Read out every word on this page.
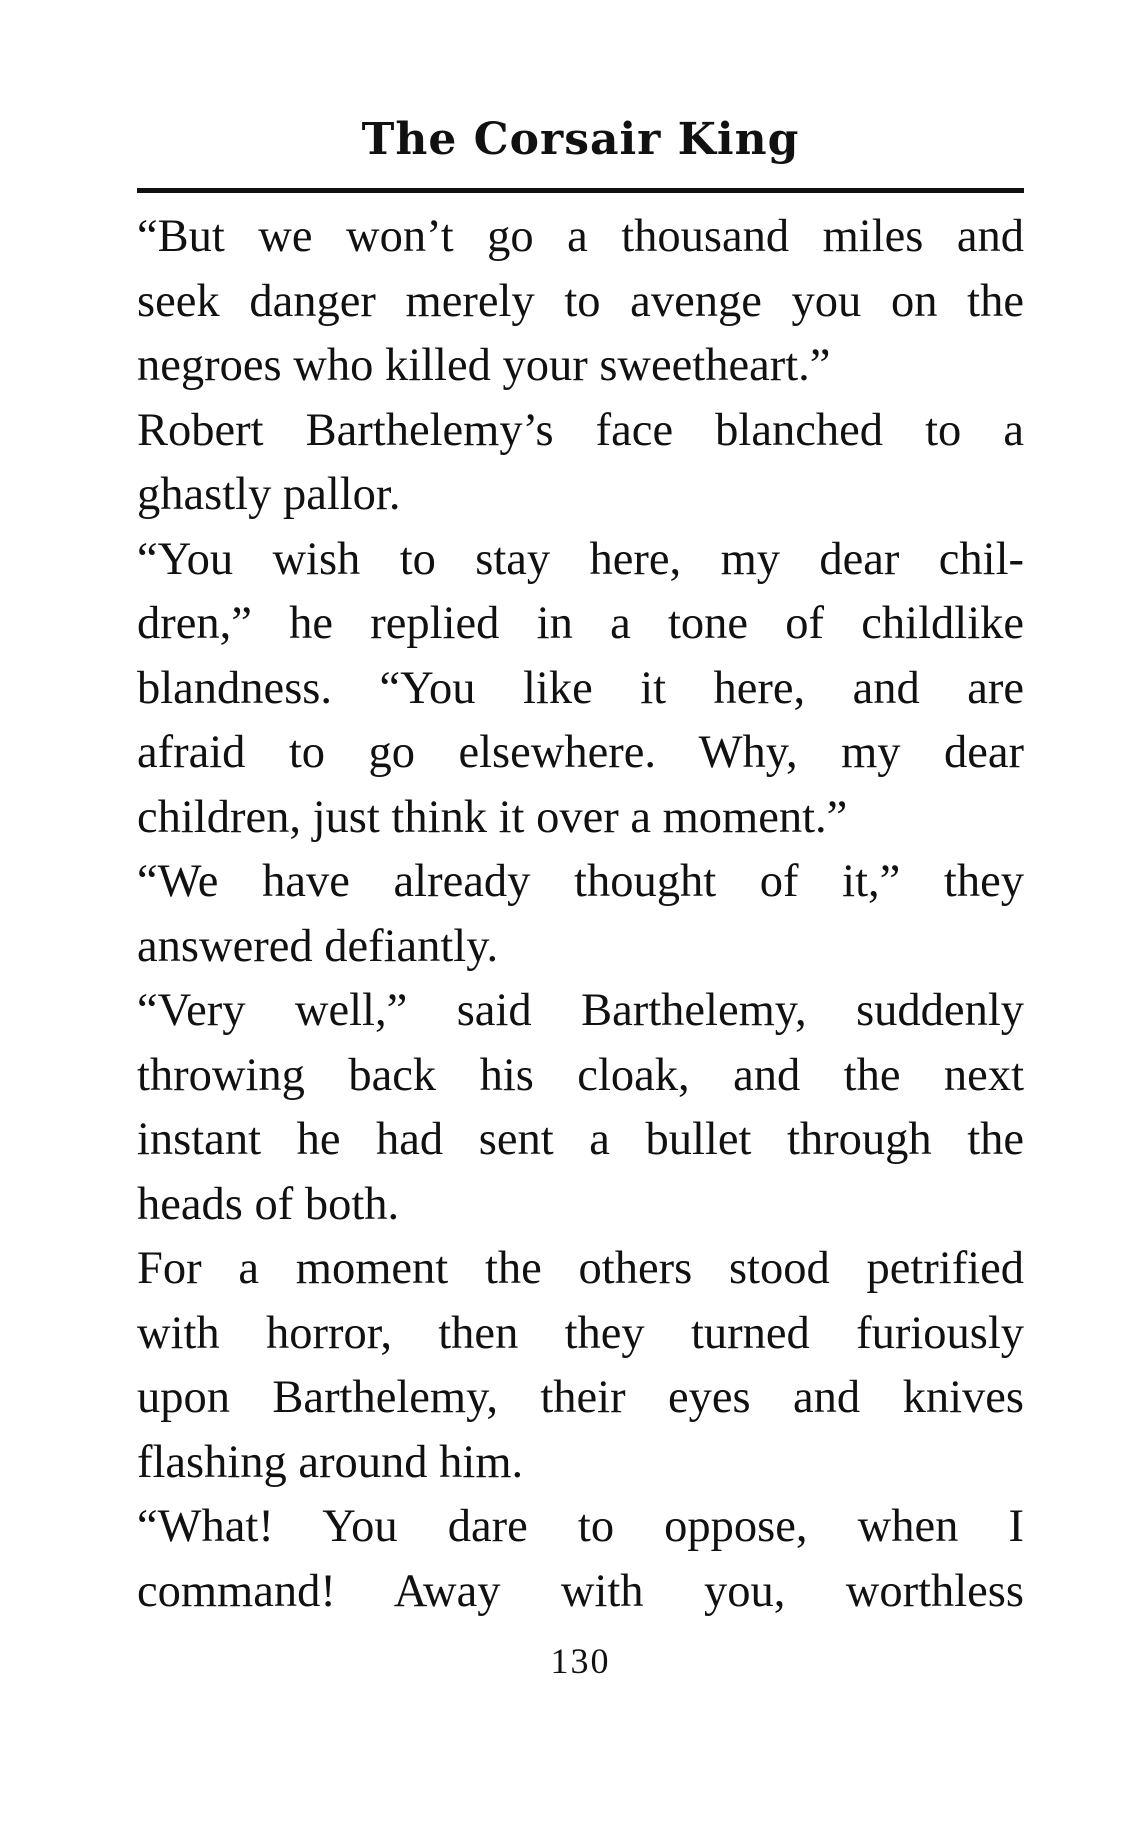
The Corsair King
“But we won’t go a thousand miles and
seek danger merely to avenge you on the
negroes who killed your sweetheart.”
Robert Barthelemy’s face blanched to a
ghastly pallor.
“You wish to stay here, my dear chil-
dren,” he replied in a tone of childlike
blandness. “You like it here, and are
afraid to go elsewhere. Why, my dear
children, just think it over a moment.”
“We have already thought of it,” they
answered defiantly.
“Very well,” said Barthelemy, suddenly
throwing back his cloak, and the next
instant he had sent a bullet through the
heads of both.
For a moment the others stood petrified
with horror, then they turned furiously
upon Barthelemy, their eyes and knives
flashing around him.
“What! You dare to oppose, when I
command! Away with you, worthless
130
